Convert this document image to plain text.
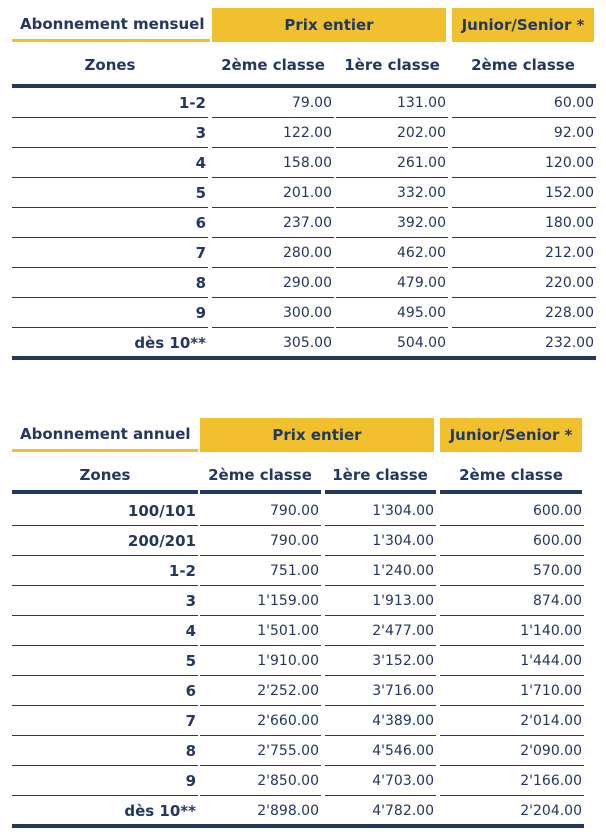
Abonnement mensuel	Prix entier	Junior/Senior *
Zones	2ème classe	1ère classe	2ème classe
1-2	79.00	131.00	60.00
3	122.00	202.00	92.00
4	158.00	261.00	120.00
5	201.00	332.00	152.00
6	237.00	392.00	180.00
7	280.00	462.00	212.00
8	290.00	479.00	220.00
9	300.00	495.00	228.00
dès 10**	305.00	504.00	232.00
Abonnement annuel	Prix entier	Junior/Senior *
Zones	2ème classe	1ère classe	2ème classe
100/101	790.00	1'304.00	600.00
200/201	790.00	1'304.00	600.00
1-2	751.00	1'240.00	570.00
3	1'159.00	1'913.00	874.00
4	1'501.00	2'477.00	1'140.00
5	1'910.00	3'152.00	1'444.00
6	2'252.00	3'716.00	1'710.00
7	2'660.00	4'389.00	2'014.00
8	2'755.00	4'546.00	2'090.00
9	2'850.00	4'703.00	2'166.00
dès 10**	2'898.00	4'782.00	2'204.00
